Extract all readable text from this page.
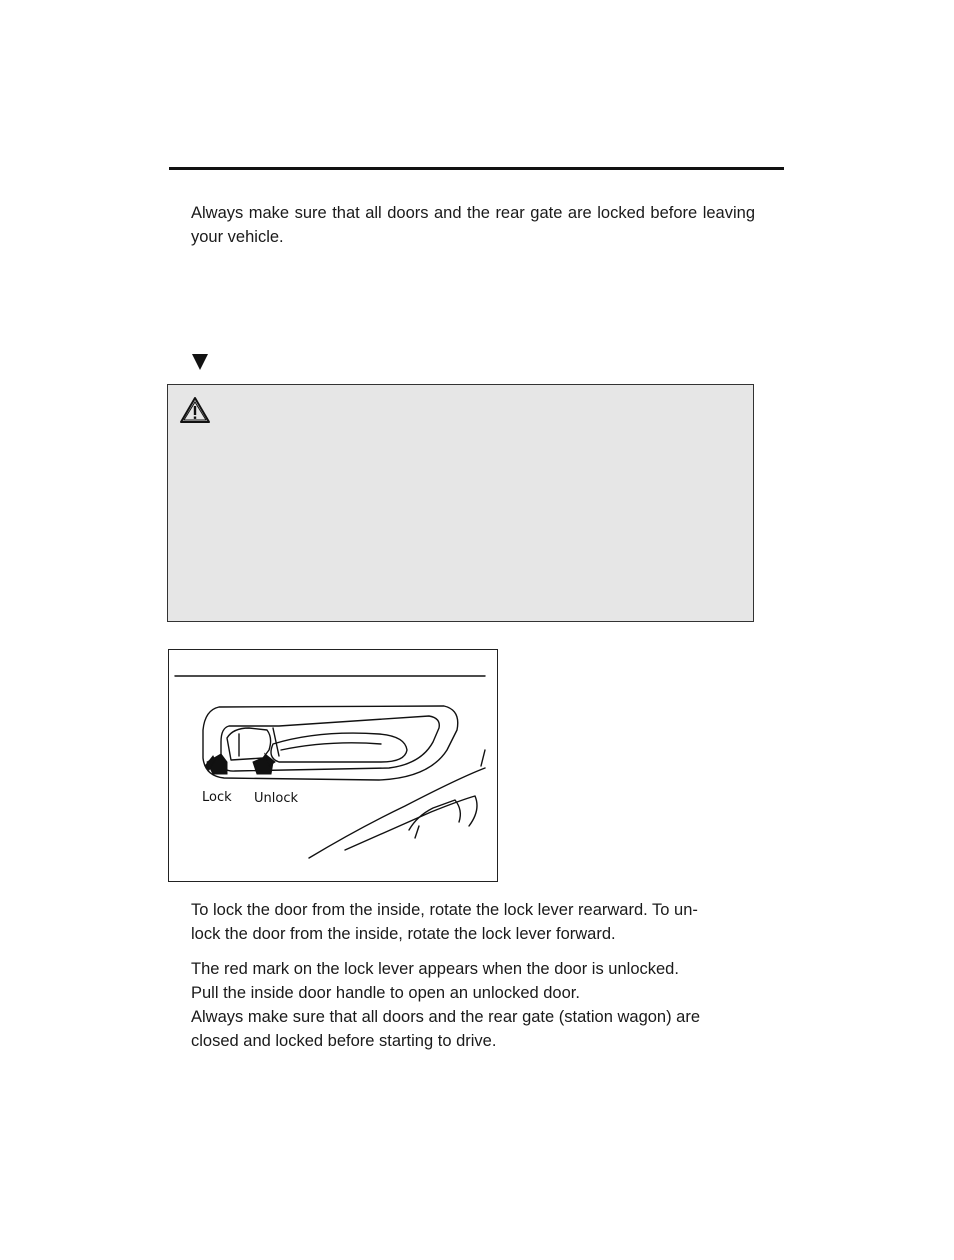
Always make sure that all doors and the rear gate are locked before leaving your vehicle.

Lock Unlock
To lock the door from the inside, rotate the lock lever rearward. To un-
lock the door from the inside, rotate the lock lever forward.
The red mark on the lock lever appears when the door is unlocked.
Pull the inside door handle to open an unlocked door.
Always make sure that all doors and the rear gate (station wagon) are
closed and locked before starting to drive.
